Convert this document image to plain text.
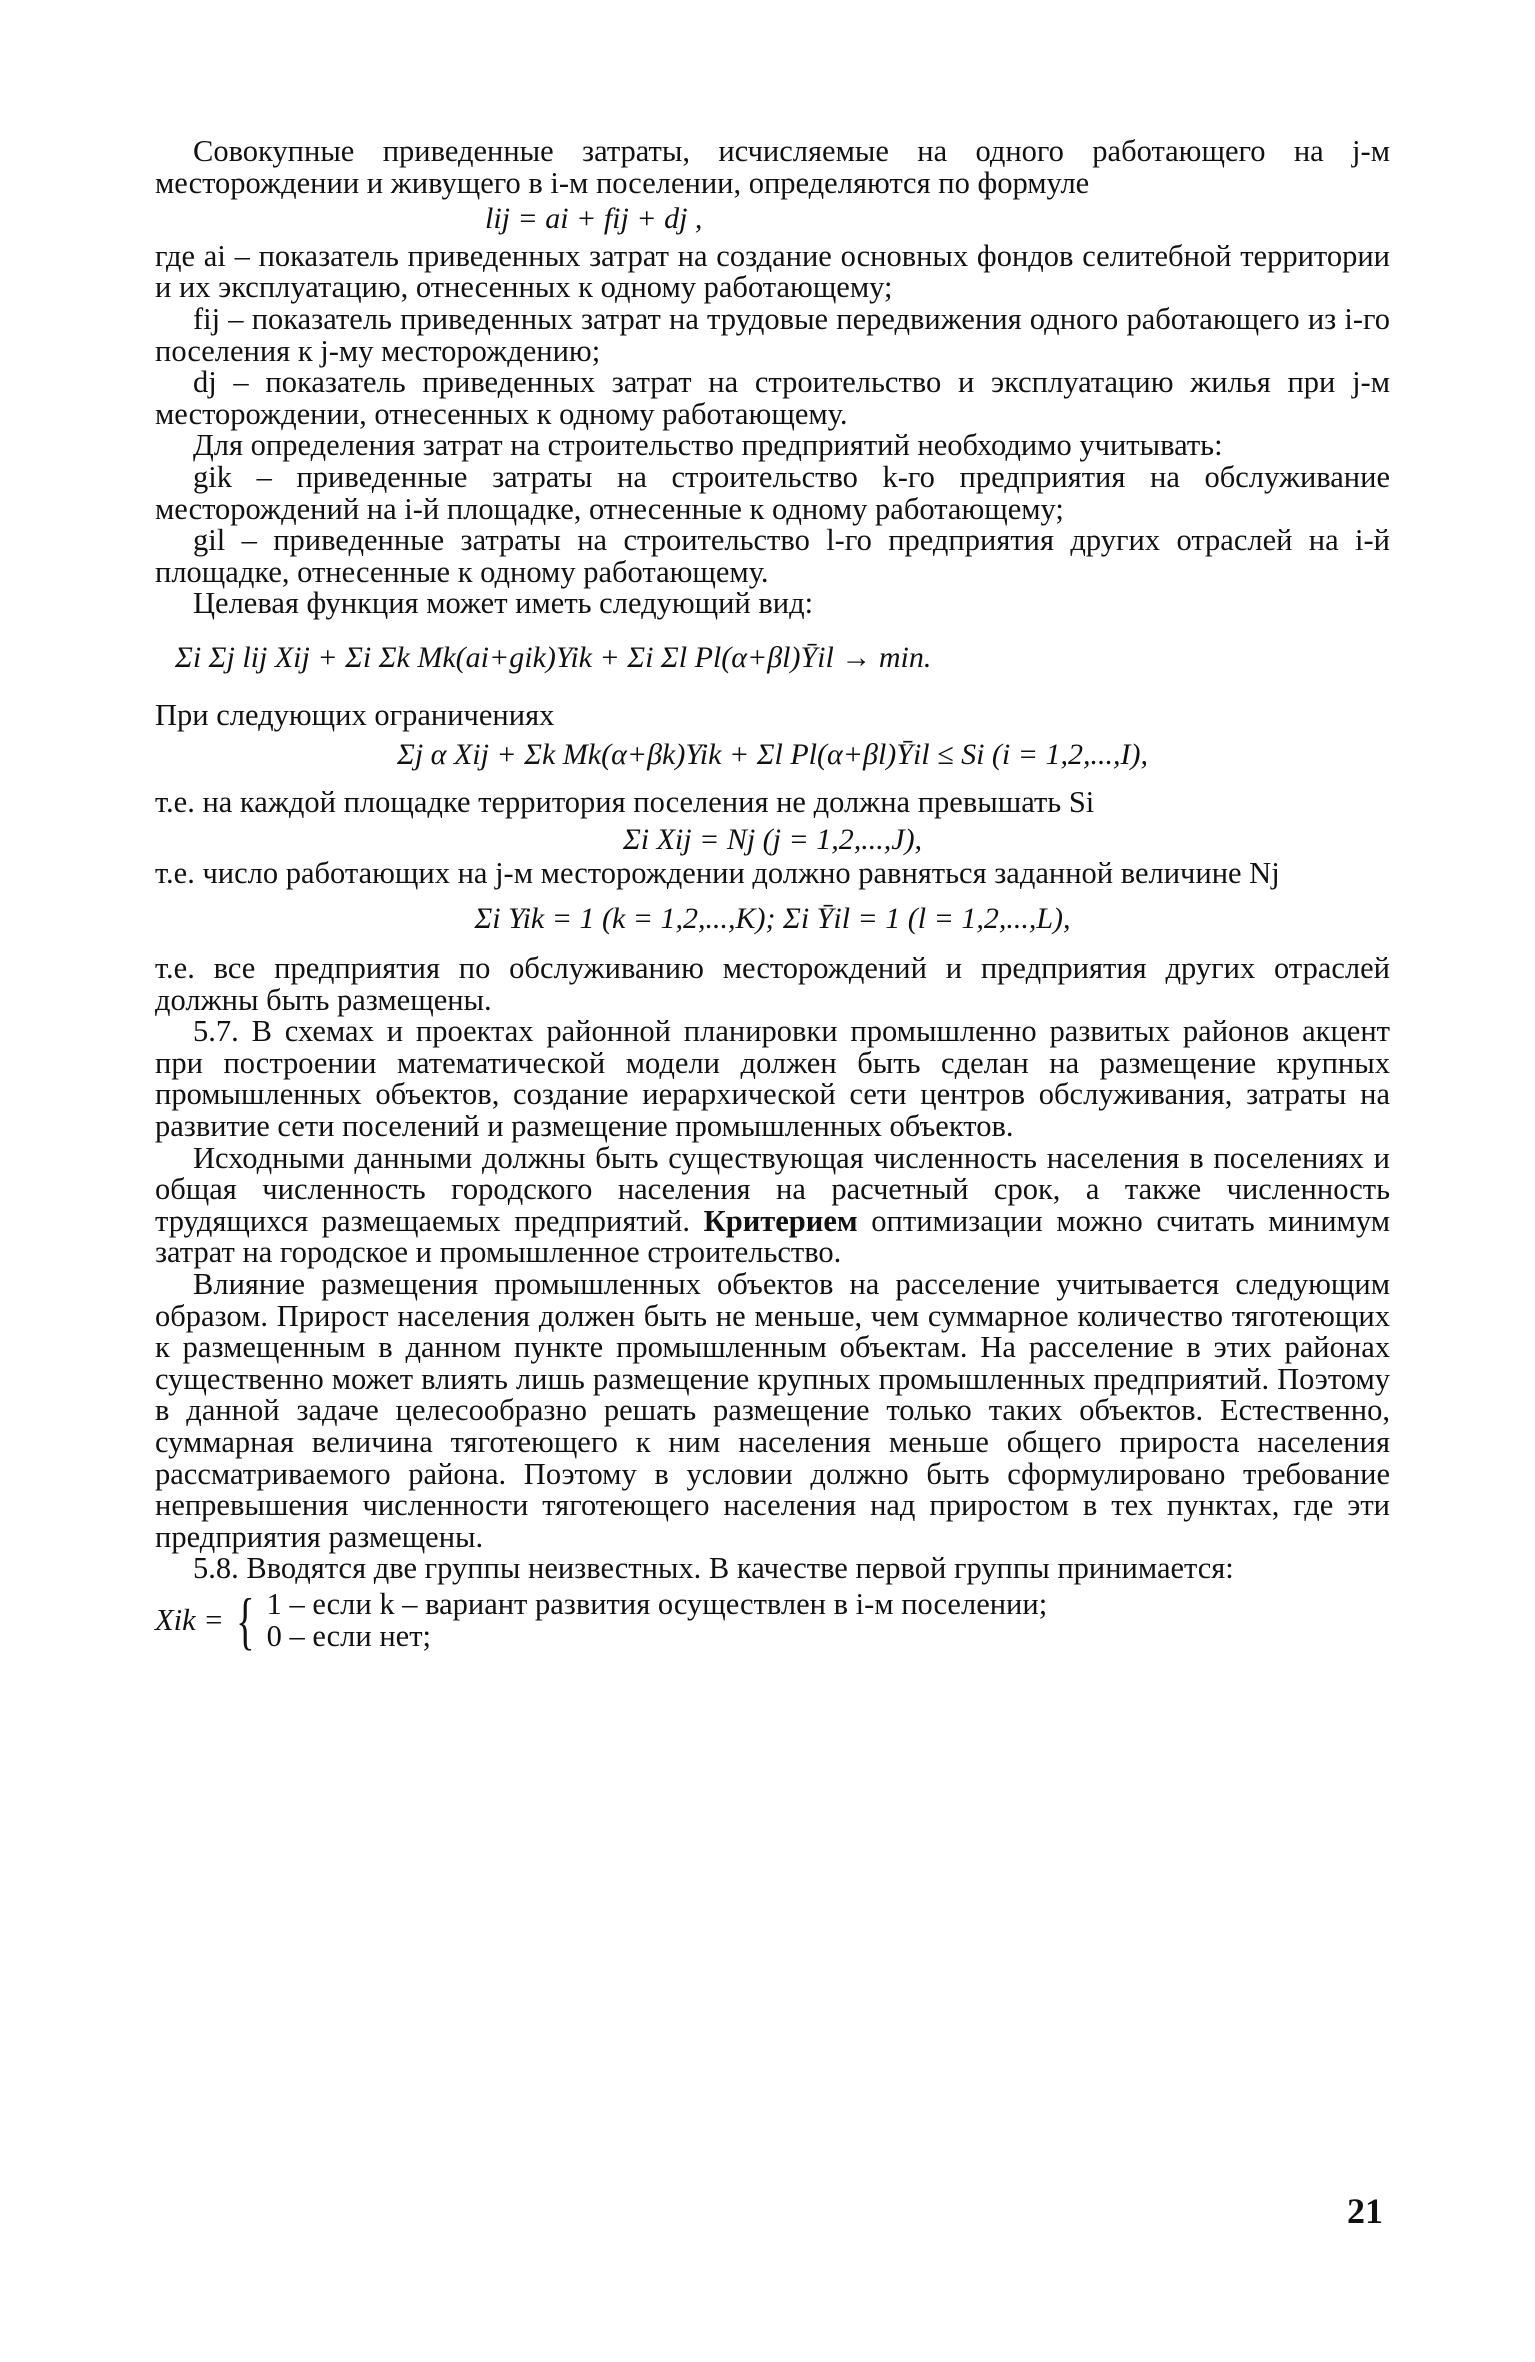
Совокупные приведенные затраты, исчисляемые на одного работающего на j-м месторождении и живущего в i-м поселении, определяются по формуле

lij = ai + fij + dj ,

где ai – показатель приведенных затрат на создание основных фондов селитебной территории и их эксплуатацию, отнесенных к одному работающему;

fij – показатель приведенных затрат на трудовые передвижения одного работающего из i-го поселения к j-му месторождению;

dj – показатель приведенных затрат на строительство и эксплуатацию жилья при j-м месторождении, отнесенных к одному работающему.

Для определения затрат на строительство предприятий необходимо учитывать:

gik – приведенные затраты на строительство k-го предприятия на обслуживание месторождений на i-й площадке, отнесенные к одному работающему;

gil – приведенные затраты на строительство l-го предприятия других отраслей на i-й площадке, отнесенные к одному работающему.

Целевая функция может иметь следующий вид:

Σi Σj lij Xij + Σi Σk Mk(ai+gik)Yik + Σi Σl Pl(α+βl)Ȳil → min.

При следующих ограничениях

Σj α Xij + Σk Mk(α+βk)Yik + Σl Pl(α+βl)Ȳil ≤ Si (i = 1,2,...,I),

т.е. на каждой площадке территория поселения не должна превышать Si

Σi Xij = Nj (j = 1,2,...,J),

т.е. число работающих на j-м месторождении должно равняться заданной величине Nj

Σi Yik = 1 (k = 1,2,...,K); Σi Ȳil = 1 (l = 1,2,...,L),

т.е. все предприятия по обслуживанию месторождений и предприятия других отраслей должны быть размещены.

5.7. В схемах и проектах районной планировки промышленно развитых районов акцент при построении математической модели должен быть сделан на размещение крупных промышленных объектов, создание иерархической сети центров обслуживания, затраты на развитие сети поселений и размещение промышленных объектов.

Исходными данными должны быть существующая численность населения в поселениях и общая численность городского населения на расчетный срок, а также численность трудящихся размещаемых предприятий. Критерием оптимизации можно считать минимум затрат на городское и промышленное строительство.

Влияние размещения промышленных объектов на расселение учитывается следующим образом. Прирост населения должен быть не меньше, чем суммарное количество тяготеющих к размещенным в данном пункте промышленным объектам. На расселение в этих районах существенно может влиять лишь размещение крупных промышленных предприятий. Поэтому в данной задаче целесообразно решать размещение только таких объектов. Естественно, суммарная величина тяготеющего к ним населения меньше общего прироста населения рассматриваемого района. Поэтому в условии должно быть сформулировано требование непревышения численности тяготеющего населения над приростом в тех пунктах, где эти предприятия размещены.

5.8. Вводятся две группы неизвестных. В качестве первой группы принимается:

Xik = { 1 – если k – вариант развития осуществлен в i-м поселении;
0 – если нет;
21
